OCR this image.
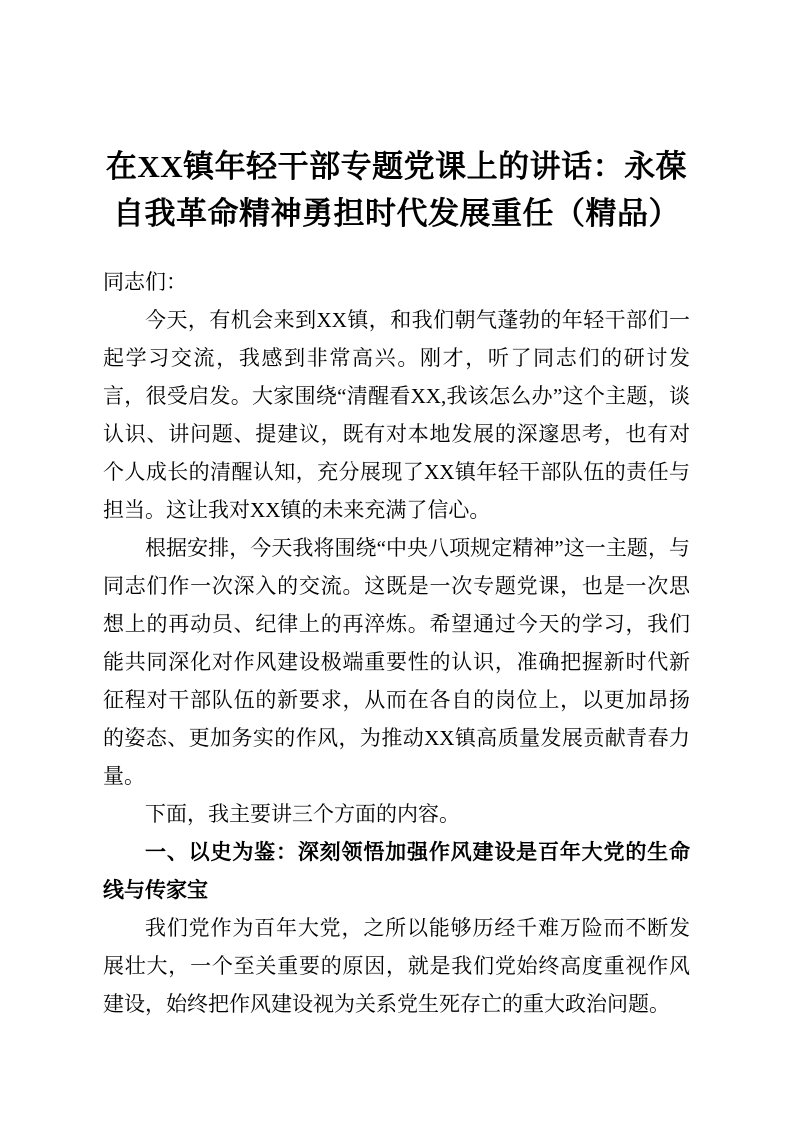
在XX镇年轻干部专题党课上的讲话：永葆
自我革命精神勇担时代发展重任（精品）

同志们：

今天，有机会来到XX镇，和我们朝气蓬勃的年轻干部们一起学习交流，我感到非常高兴。刚才，听了同志们的研讨发言，很受启发。大家围绕“清醒看XX,我该怎么办”这个主题，谈认识、讲问题、提建议，既有对本地发展的深邃思考，也有对个人成长的清醒认知，充分展现了XX镇年轻干部队伍的责任与担当。这让我对XX镇的未来充满了信心。

根据安排，今天我将围绕“中央八项规定精神”这一主题，与同志们作一次深入的交流。这既是一次专题党课，也是一次思想上的再动员、纪律上的再淬炼。希望通过今天的学习，我们能共同深化对作风建设极端重要性的认识，准确把握新时代新征程对干部队伍的新要求，从而在各自的岗位上，以更加昂扬的姿态、更加务实的作风，为推动XX镇高质量发展贡献青春力量。

下面，我主要讲三个方面的内容。

一、以史为鉴：深刻领悟加强作风建设是百年大党的生命线与传家宝

我们党作为百年大党，之所以能够历经千难万险而不断发展壮大，一个至关重要的原因，就是我们党始终高度重视作风建设，始终把作风建设视为关系党生死存亡的重大政治问题。
